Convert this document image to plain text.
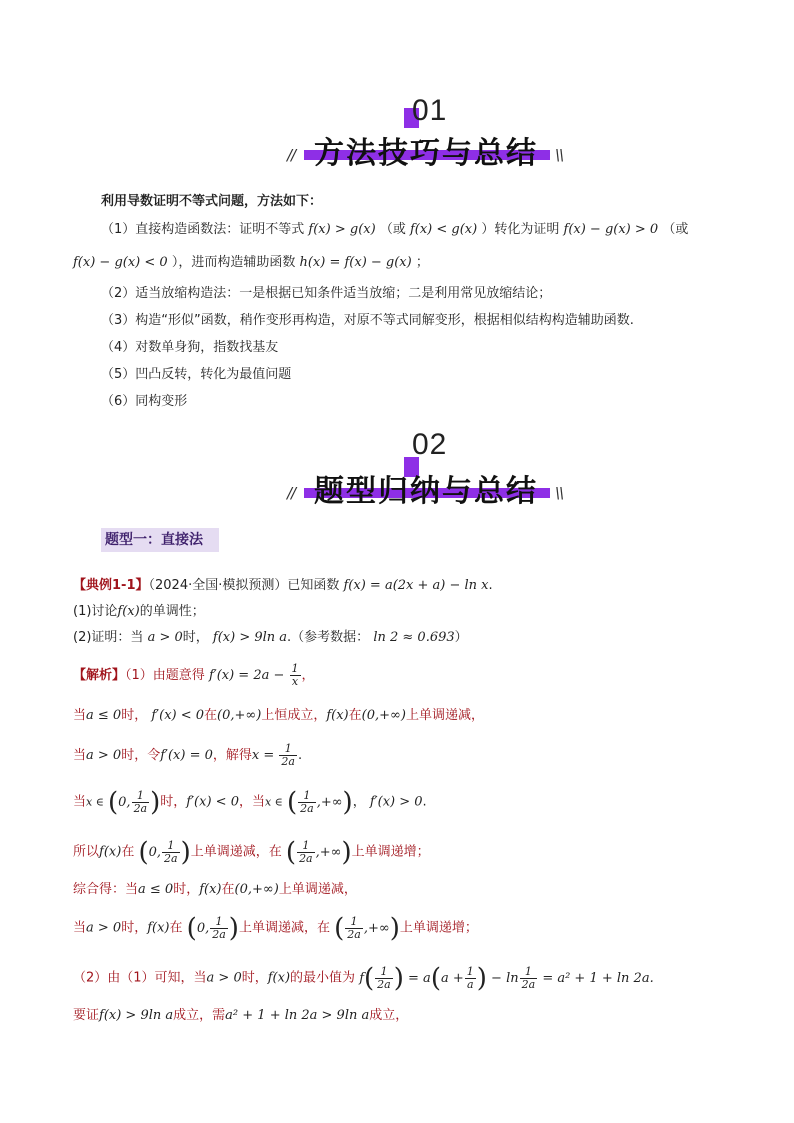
01
方法技巧与总结
//	\\
利用导数证明不等式问题，方法如下：
（1）直接构造函数法：证明不等式 f(x) > g(x) （或 f(x) < g(x) ）转化为证明 f(x) − g(x) > 0 （或
f(x) − g(x) < 0 ），进而构造辅助函数 h(x) = f(x) − g(x) ；
（2）适当放缩构造法：一是根据已知条件适当放缩；二是利用常见放缩结论；
（3）构造“形似”函数，稍作变形再构造，对原不等式同解变形，根据相似结构构造辅助函数.
（4）对数单身狗，指数找基友
（5）凹凸反转，转化为最值问题
（6）同构变形
02
题型归纳与总结
//	\\
题型一：直接法
【典例1-1】（2024·全国·模拟预测）已知函数 f(x) = a(2x + a) − ln x.
(1)讨论f(x)的单调性；
(2)证明：当 a > 0时， f(x) > 9ln a.（参考数据： ln 2 ≈ 0.693）
【解析】（1）由题意得 $f'(x) = 2a - \frac{1}{x}$ ，
当a ≤ 0时， f′(x) < 0在(0,+∞)上恒成立，f(x)在(0,+∞)上单调递减，
当a > 0时，令f′(x) = 0，解得$x = \frac{1}{2a}$ .
当x ∈ (0, $\frac{1}{2a}$ )时，f′(x) < 0，当x ∈ ( $\frac{1}{2a}$ ,+∞)， f′(x) > 0.
所以f(x)在 (0, $\frac{1}{2a}$ )上单调递减，在 ( $\frac{1}{2a}$ ,+∞)上单调递增；
综合得：当a ≤ 0时，f(x)在(0,+∞)上单调递减，
当a > 0时，f(x)在 (0, $\frac{1}{2a}$ )上单调递减，在 ( $\frac{1}{2a}$ ,+∞)上单调递增；
（2）由（1）可知，当a > 0时，f(x)的最小值为 $f( \frac{1}{2a}$ ) = $a(a + \frac{1}{a}$ ) − $\ln \frac{1}{2a} = a^2 + 1 + \ln 2a$.
要证f(x) > 9ln a成立，需a² + 1 + ln 2a > 9ln a成立，
